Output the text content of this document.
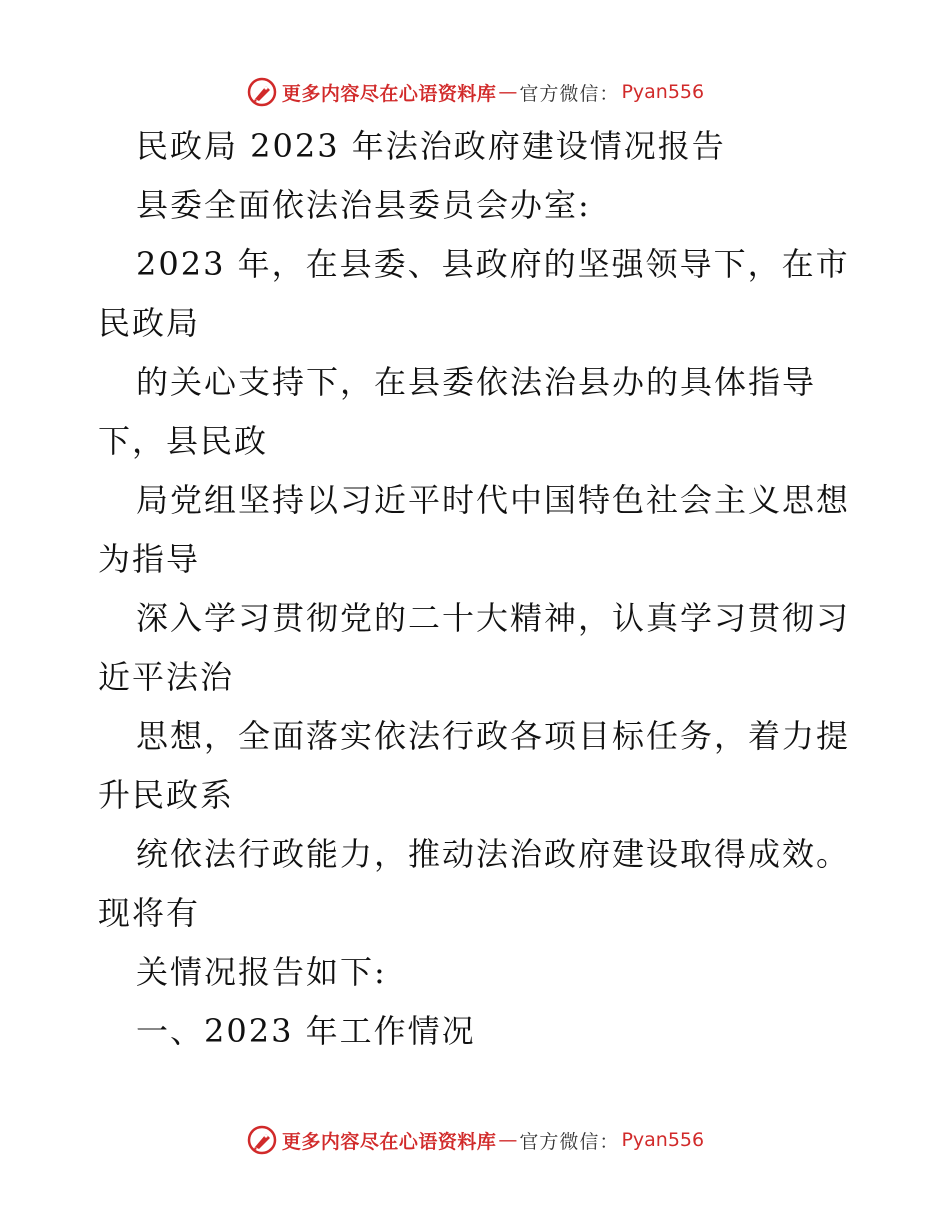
更多内容尽在心语资料库 — 官方微信： Pyan556
民政局 2023 年法治政府建设情况报告
县委全面依法治县委员会办室:
2023 年，在县委、县政府的坚强领导下，在市
民政局
的关心支持下，在县委依法治县办的具体指导
下，县民政
局党组坚持以习近平时代中国特色社会主义思想
为指导
深入学习贯彻党的二十大精神，认真学习贯彻习
近平法治
思想，全面落实依法行政各项目标任务，着力提
升民政系
统依法行政能力，推动法治政府建设取得成效。
现将有
关情况报告如下:
一、2023 年工作情况
更多内容尽在心语资料库 — 官方微信： Pyan556
